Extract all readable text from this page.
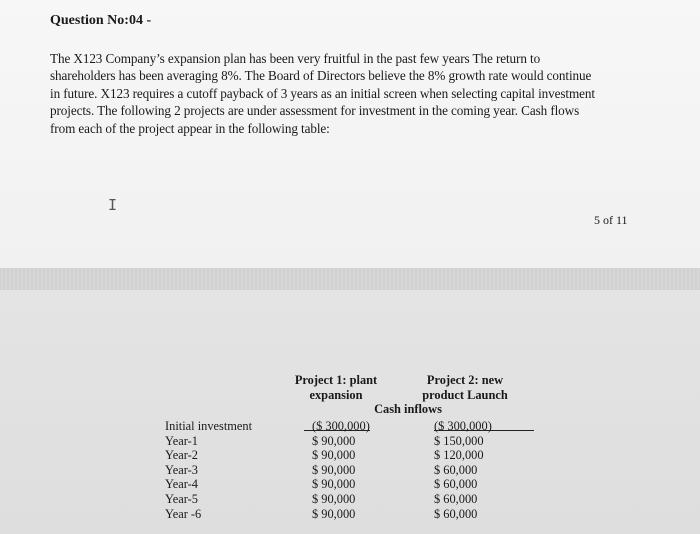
Question No:04 -

The X123 Company’s expansion plan has been very fruitful in the past few years The return to
shareholders has been averaging 8%. The Board of Directors believe the 8% growth rate would continue
in future. X123 requires a cutoff payback of 3 years as an initial screen when selecting capital investment
projects. The following 2 projects are under assessment for investment in the coming year. Cash flows
from each of the project appear in the following table:

I
5 of 11
Project 1: plant
expansion
Project 2: new
product Launch
Cash inflows
Initial investment
Year-1
Year-2
Year-3
Year-4
Year-5
Year -6
($ 300,000)
$ 90,000
$ 90,000
$ 90,000
$ 90,000
$ 90,000
$ 90,000
($ 300,000)
$ 150,000
$ 120,000
$ 60,000
$ 60,000
$ 60,000
$ 60,000
